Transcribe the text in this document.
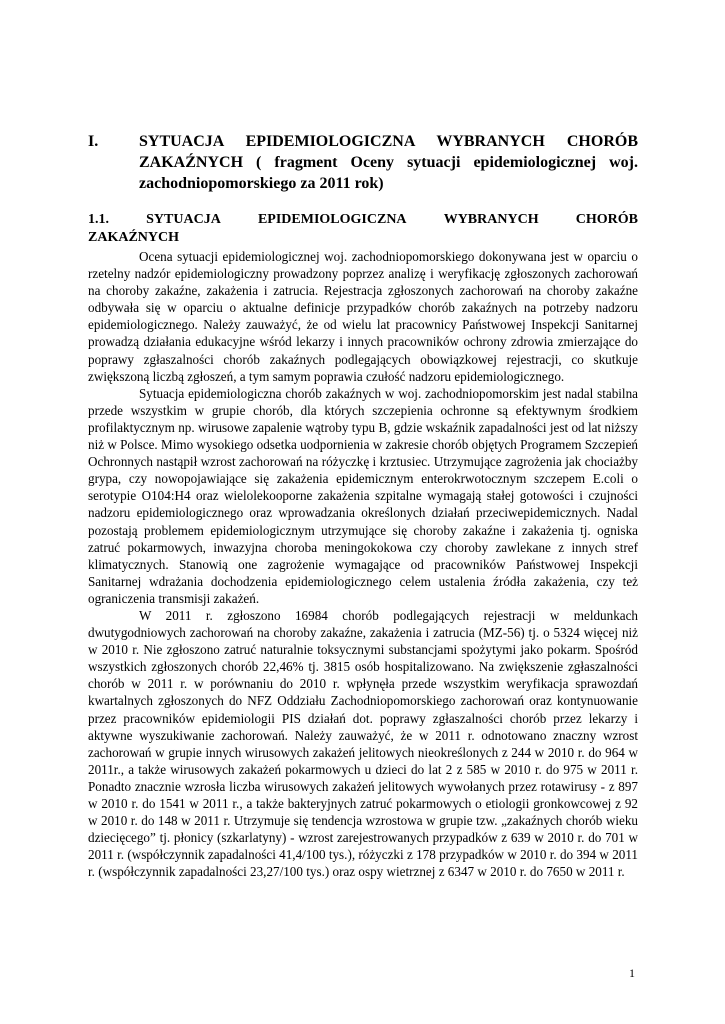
I.	SYTUACJA EPIDEMIOLOGICZNA WYBRANYCH CHORÓB ZAKAŹNYCH ( fragment Oceny sytuacji epidemiologicznej woj. zachodniopomorskiego za 2011 rok)
1.1.	SYTUACJA	EPIDEMIOLOGICZNA	WYBRANYCH	CHORÓB
ZAKAŹNYCH

Ocena sytuacji epidemiologicznej woj. zachodniopomorskiego dokonywana jest w oparciu o rzetelny nadzór epidemiologiczny prowadzony poprzez analizę i weryfikację zgłoszonych zachorowań na choroby zakaźne, zakażenia i zatrucia. Rejestracja zgłoszonych zachorowań na choroby zakaźne odbywała się w oparciu o aktualne definicje przypadków chorób zakaźnych na potrzeby nadzoru epidemiologicznego. Należy zauważyć, że od wielu lat pracownicy Państwowej Inspekcji Sanitarnej prowadzą działania edukacyjne wśród lekarzy i innych pracowników ochrony zdrowia zmierzające do poprawy zgłaszalności chorób zakaźnych podlegających obowiązkowej rejestracji, co skutkuje zwiększoną liczbą zgłoszeń, a tym samym poprawia czułość nadzoru epidemiologicznego.

Sytuacja epidemiologiczna chorób zakaźnych w woj. zachodniopomorskim jest nadal stabilna przede wszystkim w grupie chorób, dla których szczepienia ochronne są efektywnym środkiem profilaktycznym np. wirusowe zapalenie wątroby typu B, gdzie wskaźnik zapadalności jest od lat niższy niż w Polsce. Mimo wysokiego odsetka uodpornienia w zakresie chorób objętych Programem Szczepień Ochronnych nastąpił wzrost zachorowań na różyczkę i krztusiec. Utrzymujące zagrożenia jak chociażby grypa, czy nowopojawiające się zakażenia epidemicznym enterokrwotocznym szczepem E.coli o serotypie O104:H4 oraz wielolekooporne zakażenia szpitalne wymagają stałej gotowości i czujności nadzoru epidemiologicznego oraz wprowadzania określonych działań przeciwepidemicznych. Nadal pozostają problemem epidemiologicznym utrzymujące się choroby zakaźne i zakażenia tj. ogniska zatruć pokarmowych, inwazyjna choroba meningokokowa czy choroby zawlekane z innych stref klimatycznych. Stanowią one zagrożenie wymagające od pracowników Państwowej Inspekcji Sanitarnej wdrażania dochodzenia epidemiologicznego celem ustalenia źródła zakażenia, czy też ograniczenia transmisji zakażeń.

W 2011 r. zgłoszono 16984 chorób podlegających rejestracji w meldunkach dwutygodniowych zachorowań na choroby zakaźne, zakażenia i zatrucia (MZ-56) tj. o 5324 więcej niż w 2010 r. Nie zgłoszono zatruć naturalnie toksycznymi substancjami spożytymi jako pokarm. Spośród wszystkich zgłoszonych chorób 22,46% tj. 3815 osób hospitalizowano. Na zwiększenie zgłaszalności chorób w 2011 r. w porównaniu do 2010 r. wpłynęła przede wszystkim weryfikacja sprawozdań kwartalnych zgłoszonych do NFZ Oddziału Zachodniopomorskiego zachorowań oraz kontynuowanie przez pracowników epidemiologii PIS działań dot. poprawy zgłaszalności chorób przez lekarzy i aktywne wyszukiwanie zachorowań. Należy zauważyć, że w 2011 r. odnotowano znaczny wzrost zachorowań w grupie innych wirusowych zakażeń jelitowych nieokreślonych z 244 w 2010 r. do 964 w 2011r., a także wirusowych zakażeń pokarmowych u dzieci do lat 2 z 585 w 2010 r. do 975 w 2011 r. Ponadto znacznie wzrosła liczba wirusowych zakażeń jelitowych wywołanych przez rotawirusy - z 897 w 2010 r. do 1541 w 2011 r., a także bakteryjnych zatruć pokarmowych o etiologii gronkowcowej z 92 w 2010 r. do 148 w 2011 r. Utrzymuje się tendencja wzrostowa w grupie tzw. „zakaźnych chorób wieku dziecięcego” tj. płonicy (szkarlatyny) - wzrost zarejestrowanych przypadków z 639 w 2010 r. do 701 w 2011 r. (współczynnik zapadalności 41,4/100 tys.), różyczki z 178 przypadków w 2010 r. do 394 w 2011 r. (współczynnik zapadalności 23,27/100 tys.) oraz ospy wietrznej z 6347 w 2010 r. do 7650 w 2011 r.

1
